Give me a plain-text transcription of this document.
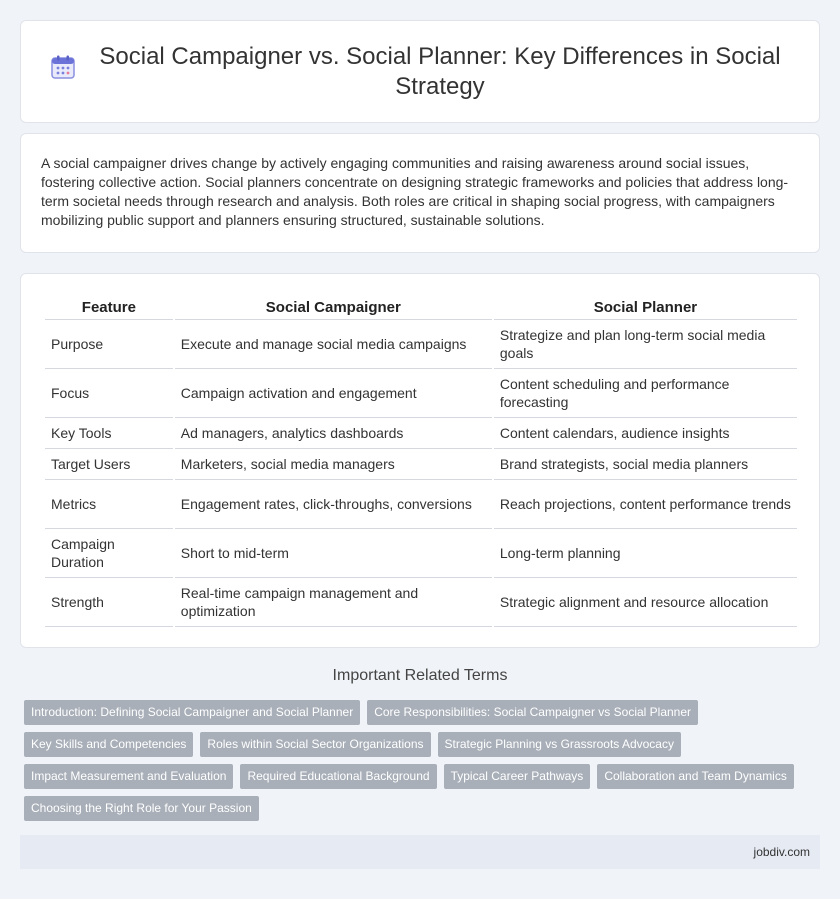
Social Campaigner vs. Social Planner: Key Differences in Social Strategy

A social campaigner drives change by actively engaging communities and raising awareness around social issues, fostering collective action. Social planners concentrate on designing strategic frameworks and policies that address long-term societal needs through research and analysis. Both roles are critical in shaping social progress, with campaigners mobilizing public support and planners ensuring structured, sustainable solutions.

Feature	Social Campaigner	Social Planner
Purpose	Execute and manage social media campaigns	Strategize and plan long-term social media goals
Focus	Campaign activation and engagement	Content scheduling and performance forecasting
Key Tools	Ad managers, analytics dashboards	Content calendars, audience insights
Target Users	Marketers, social media managers	Brand strategists, social media planners
Metrics	Engagement rates, click-throughs, conversions	Reach projections, content performance trends
Campaign Duration	Short to mid-term	Long-term planning
Strength	Real-time campaign management and optimization	Strategic alignment and resource allocation
Important Related Terms
Introduction: Defining Social Campaigner and Social Planner	Core Responsibilities: Social Campaigner vs Social Planner
Key Skills and Competencies	Roles within Social Sector Organizations	Strategic Planning vs Grassroots Advocacy
Impact Measurement and Evaluation	Required Educational Background	Typical Career Pathways	Collaboration and Team Dynamics
Choosing the Right Role for Your Passion
jobdiv.com
